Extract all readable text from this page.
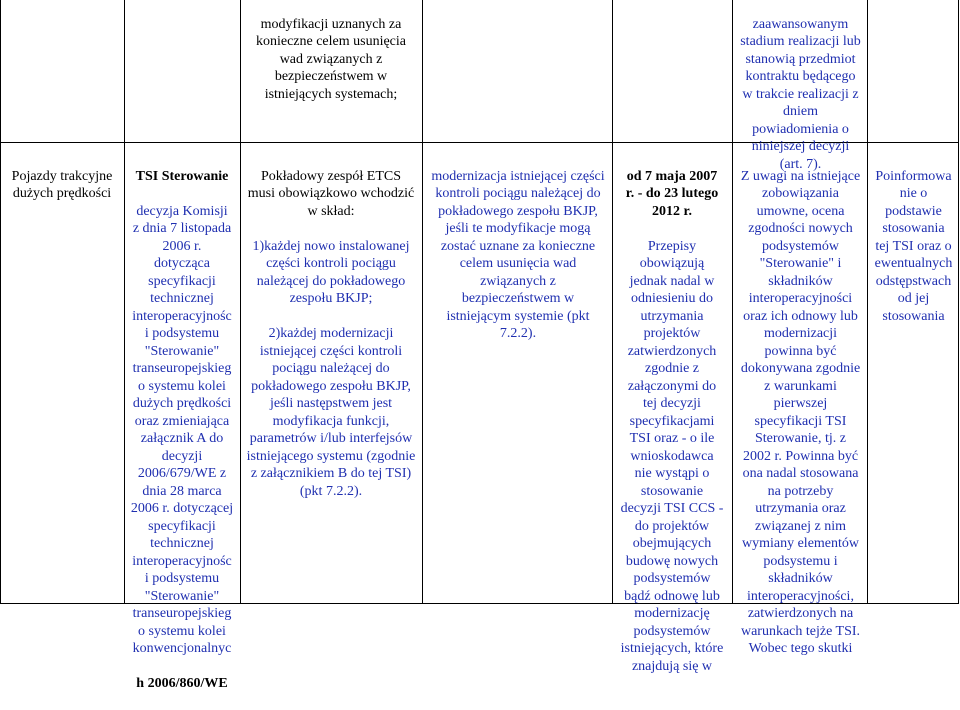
Pojazdy trakcyjne dużych prędkości

TSI Sterowanie

decyzja Komisji
z dnia 7 listopada
2006 r.
dotycząca
specyfikacji
technicznej
interoperacyjnośc
i podsystemu
"Sterowanie"
transeuropejskieg
o systemu kolei
dużych prędkości
oraz zmieniająca
załącznik A do
decyzji
2006/679/WE z
dnia 28 marca
2006 r. dotyczącej
specyfikacji
technicznej
interoperacyjnośc
i podsystemu
"Sterowanie"
transeuropejskieg
o systemu kolei
konwencjonalnyc

h 2006/860/WE

modyfikacji uznanych za
konieczne celem usunięcia
wad związanych z
bezpieczeństwem w
istniejących systemach;

Pokładowy zespół ETCS
musi obowiązkowo wchodzić
w skład:

1)każdej nowo instalowanej
części kontroli pociągu
należącej do pokładowego
zespołu BKJP;

2)każdej modernizacji
istniejącej części kontroli
pociągu należącej do
pokładowego zespołu BKJP,
jeśli następstwem jest
modyfikacja funkcji,
parametrów i/lub interfejsów
istniejącego systemu (zgodnie
z załącznikiem B do tej TSI)
(pkt 7.2.2).

modernizacja istniejącej części
kontroli pociągu należącej do
pokładowego zespołu BKJP,
jeśli te modyfikacje mogą
zostać uznane za konieczne
celem usunięcia wad
związanych z
bezpieczeństwem w
istniejącym systemie (pkt
7.2.2).

od 7 maja 2007
r. - do 23 lutego
2012 r.

Przepisy
obowiązują
jednak nadal w
odniesieniu do
utrzymania
projektów
zatwierdzonych
zgodnie z
załączonymi do
tej decyzji
specyfikacjami
TSI oraz - o ile
wnioskodawca
nie wystąpi o
stosowanie
decyzji TSI CCS -
do projektów
obejmujących
budowę nowych
podsystemów
bądź odnowę lub
modernizację
podsystemów
istniejących, które
znajdują się w

zaawansowanym
stadium realizacji lub
stanowią przedmiot
kontraktu będącego
w trakcie realizacji z
dniem
powiadomienia o
niniejszej decyzji
(art. 7).

Z uwagi na istniejące
zobowiązania
umowne, ocena
zgodności nowych
podsystemów
"Sterowanie" i
składników
interoperacyjności
oraz ich odnowy lub
modernizacji
powinna być
dokonywana zgodnie
z warunkami
pierwszej
specyfikacji TSI
Sterowanie, tj. z
2002 r. Powinna być
ona nadal stosowana
na potrzeby
utrzymania oraz
związanej z nim
wymiany elementów
podsystemu i
składników
interoperacyjności,
zatwierdzonych na
warunkach tejże TSI.
Wobec tego skutki

Poinformowa
nie o
podstawie
stosowania
tej TSI oraz o
ewentualnych
odstępstwach
od jej
stosowania
